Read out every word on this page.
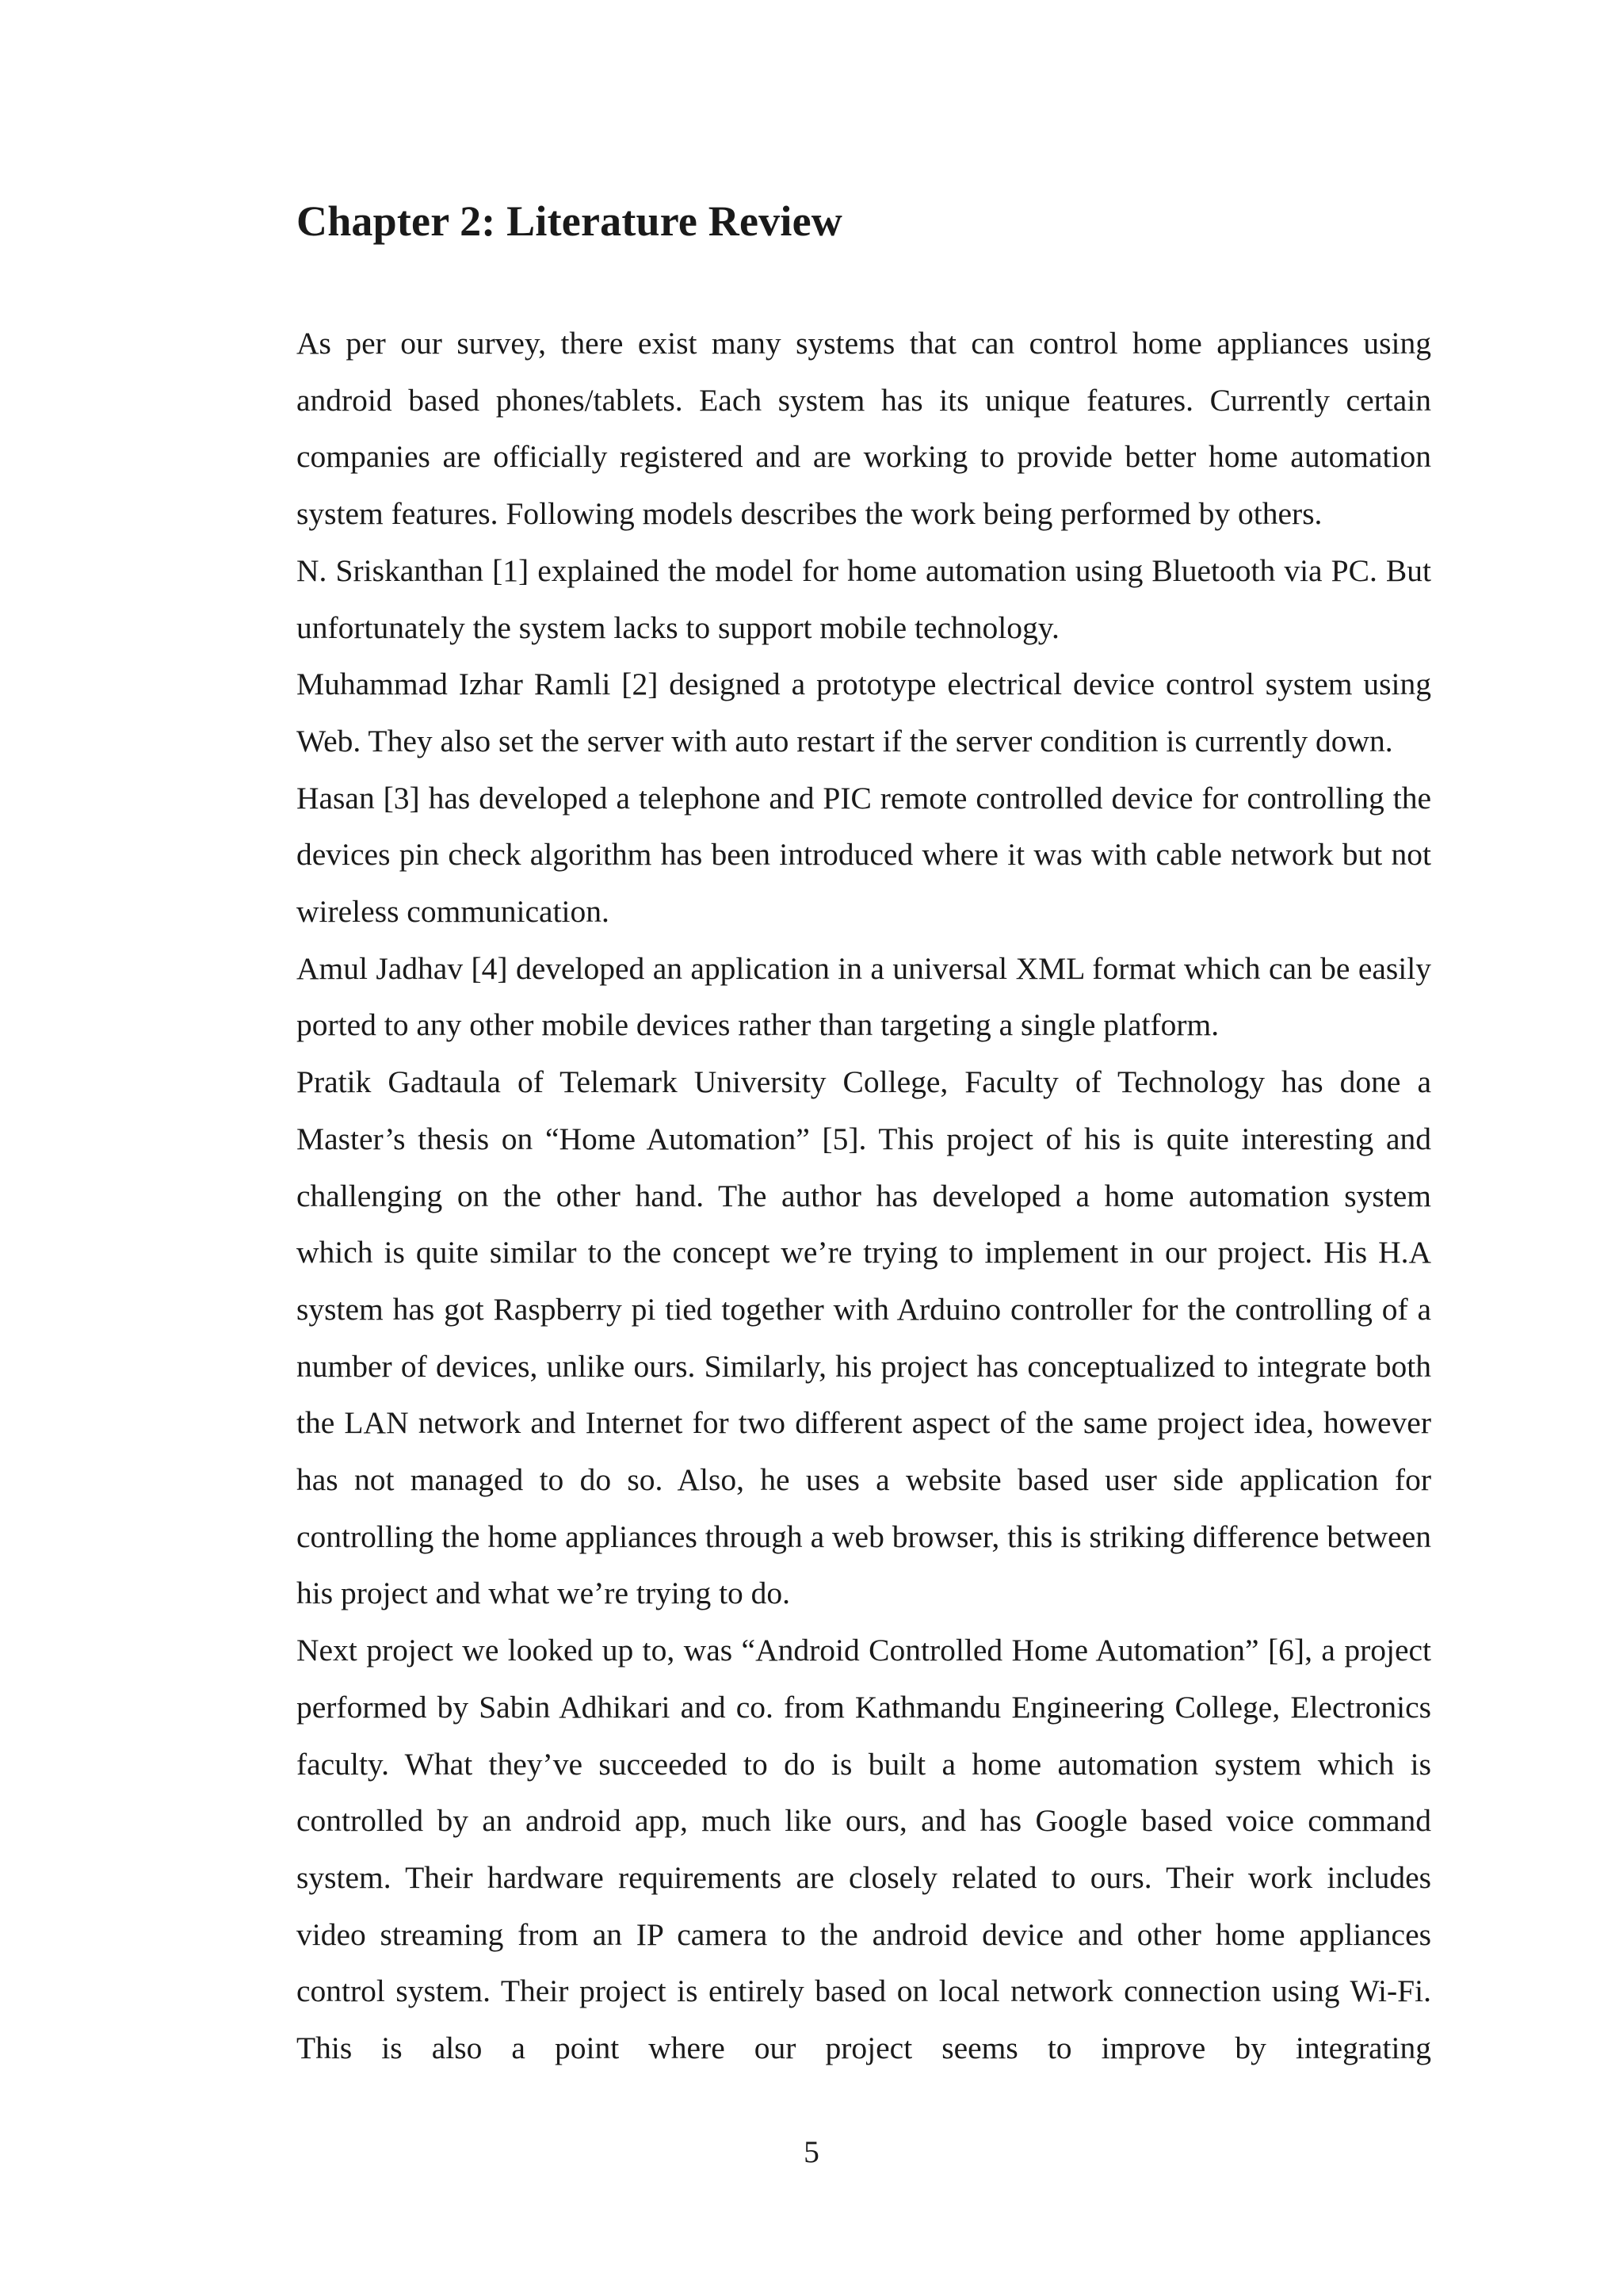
Chapter 2: Literature Review

As per our survey, there exist many systems that can control home appliances using android based phones/tablets. Each system has its unique features. Currently certain companies are officially registered and are working to provide better home automation system features. Following models describes the work being performed by others.

N. Sriskanthan [1] explained the model for home automation using Bluetooth via PC. But unfortunately the system lacks to support mobile technology.

Muhammad Izhar Ramli [2] designed a prototype electrical device control system using Web. They also set the server with auto restart if the server condition is currently down.

Hasan [3] has developed a telephone and PIC remote controlled device for controlling the devices pin check algorithm has been introduced where it was with cable network but not wireless communication.

Amul Jadhav [4] developed an application in a universal XML format which can be easily ported to any other mobile devices rather than targeting a single platform.

Pratik Gadtaula of Telemark University College, Faculty of Technology has done a Master’s thesis on “Home Automation” [5]. This project of his is quite interesting and challenging on the other hand. The author has developed a home automation system which is quite similar to the concept we’re trying to implement in our project. His H.A system has got Raspberry pi tied together with Arduino controller for the controlling of a number of devices, unlike ours. Similarly, his project has conceptualized to integrate both the LAN network and Internet for two different aspect of the same project idea, however has not managed to do so. Also, he uses a website based user side application for controlling the home appliances through a web browser, this is striking difference between his project and what we’re trying to do.

Next project we looked up to, was “Android Controlled Home Automation” [6], a project performed by Sabin Adhikari and co. from Kathmandu Engineering College, Electronics faculty. What they’ve succeeded to do is built a home automation system which is controlled by an android app, much like ours, and has Google based voice command system. Their hardware requirements are closely related to ours. Their work includes video streaming from an IP camera to the android device and other home appliances control system. Their project is entirely based on local network connection using Wi-Fi. This is also a point where our project seems to improve by integrating

5
